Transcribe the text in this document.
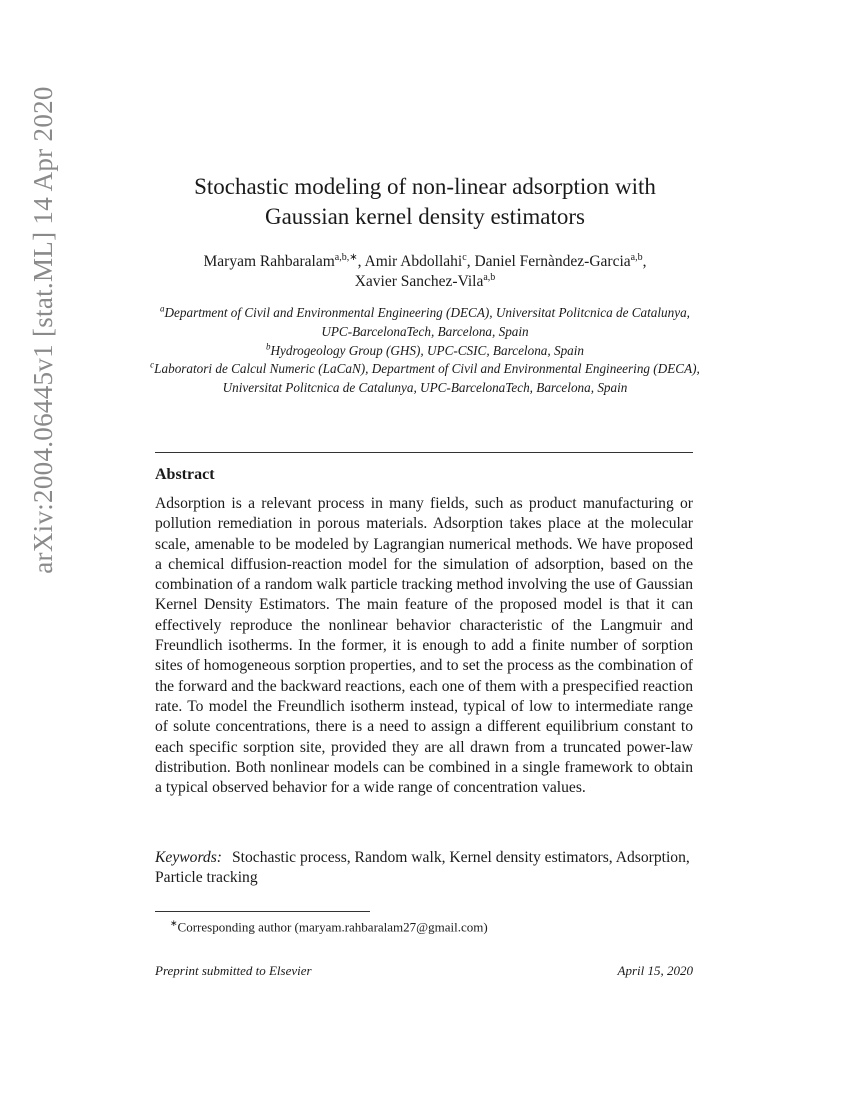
arXiv:2004.06445v1 [stat.ML] 14 Apr 2020	Stochastic modeling of non-linear adsorption with
Gaussian kernel density estimators
Maryam Rahbaralam$^{a,b,∗}$, Amir Abdollahi$^c$, Daniel Fernàndez-Garcia$^{a,b}$,
Xavier Sanchez-Vila$^{a,b}$
$^a$Department of Civil and Environmental Engineering (DECA), Universitat Politcnica de Catalunya, UPC-BarcelonaTech, Barcelona, Spain
$^b$Hydrogeology Group (GHS), UPC-CSIC, Barcelona, Spain
$^c$Laboratori de Calcul Numeric (LaCaN), Department of Civil and Environmental Engineering (DECA), Universitat Politcnica de Catalunya, UPC-BarcelonaTech, Barcelona, Spain
Abstract
Adsorption is a relevant process in many fields, such as product manufacturing or pollution remediation in porous materials. Adsorption takes place at the molecular scale, amenable to be modeled by Lagrangian numerical methods. We have proposed a chemical diffusion-reaction model for the simulation of adsorption, based on the combination of a random walk particle tracking method involving the use of Gaussian Kernel Density Estimators. The main feature of the proposed model is that it can effectively reproduce the nonlinear behavior characteristic of the Langmuir and Freundlich isotherms. In the former, it is enough to add a finite number of sorption sites of homogeneous sorption properties, and to set the process as the combination of the forward and the backward reactions, each one of them with a prespecified reaction rate. To model the Freundlich isotherm instead, typical of low to intermediate range of solute concentrations, there is a need to assign a different equilibrium constant to each specific sorption site, provided they are all drawn from a truncated power-law distribution. Both nonlinear models can be combined in a single framework to obtain a typical observed behavior for a wide range of concentration values.
Keywords: Stochastic process, Random walk, Kernel density estimators, Adsorption, Particle tracking
∗Corresponding author (maryam.rahbaralam27@gmail.com)
Preprint submitted to Elsevier	April 15, 2020
